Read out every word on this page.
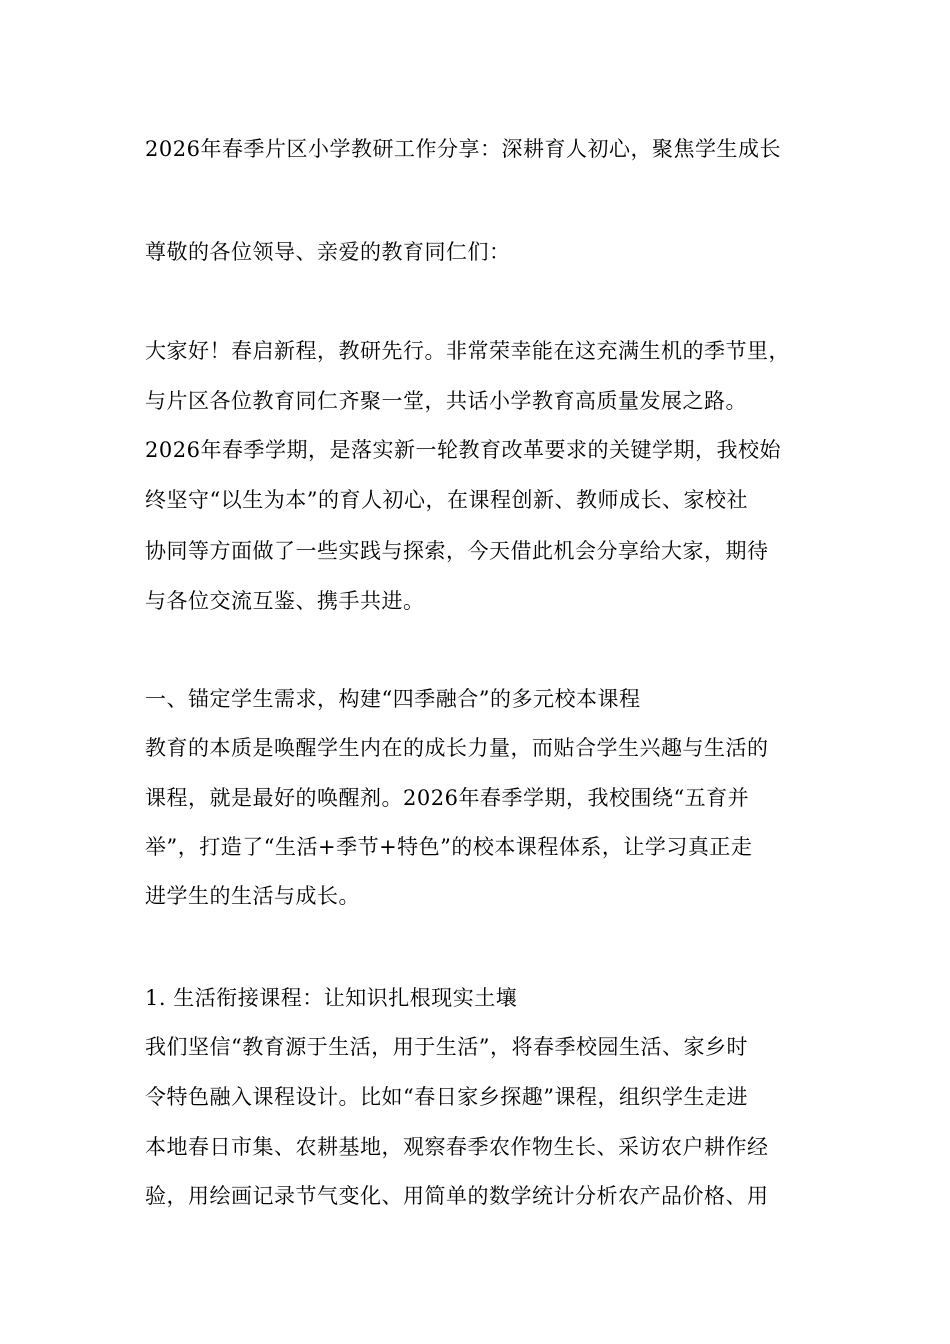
2026年春季片区小学教研工作分享：深耕育人初心，聚焦学生成长
尊敬的各位领导、亲爱的教育同仁们：
大家好！春启新程，教研先行。非常荣幸能在这充满生机的季节里，
与片区各位教育同仁齐聚一堂，共话小学教育高质量发展之路。
2026年春季学期，是落实新一轮教育改革要求的关键学期，我校始
终坚守“以生为本”的育人初心，在课程创新、教师成长、家校社
协同等方面做了一些实践与探索，今天借此机会分享给大家，期待
与各位交流互鉴、携手共进。
一、锚定学生需求，构建“四季融合”的多元校本课程
教育的本质是唤醒学生内在的成长力量，而贴合学生兴趣与生活的
课程，就是最好的唤醒剂。2026年春季学期，我校围绕“五育并
举”，打造了“生活+季节+特色”的校本课程体系，让学习真正走
进学生的生活与成长。
1. 生活衔接课程：让知识扎根现实土壤
我们坚信“教育源于生活，用于生活”，将春季校园生活、家乡时
令特色融入课程设计。比如“春日家乡探趣”课程，组织学生走进
本地春日市集、农耕基地，观察春季农作物生长、采访农户耕作经
验，用绘画记录节气变化、用简单的数学统计分析农产品价格、用
